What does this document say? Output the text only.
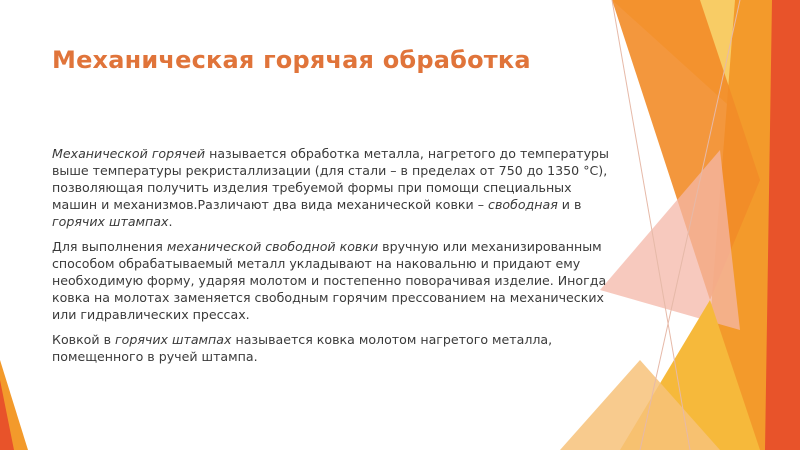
Механическая горячая обработка

Механической горячей называется обработка металла, нагретого до температуры выше температуры рекристаллизации (для стали – в пределах от 750 до 1350 °С), позволяющая получить изделия требуемой формы при помощи специальных машин и механизмов.Различают два вида механической ковки – свободная и в горячих штампах.

Для выполнения механической свободной ковки вручную или механизированным способом обрабатываемый металл укладывают на наковальню и придают ему необходимую форму, ударяя молотом и постепенно поворачивая изделие. Иногда ковка на молотах заменяется свободным горячим прессованием на механических или гидравлических прессах.

Ковкой в горячих штампах называется ковка молотом нагретого металла, помещенного в ручей штампа.
